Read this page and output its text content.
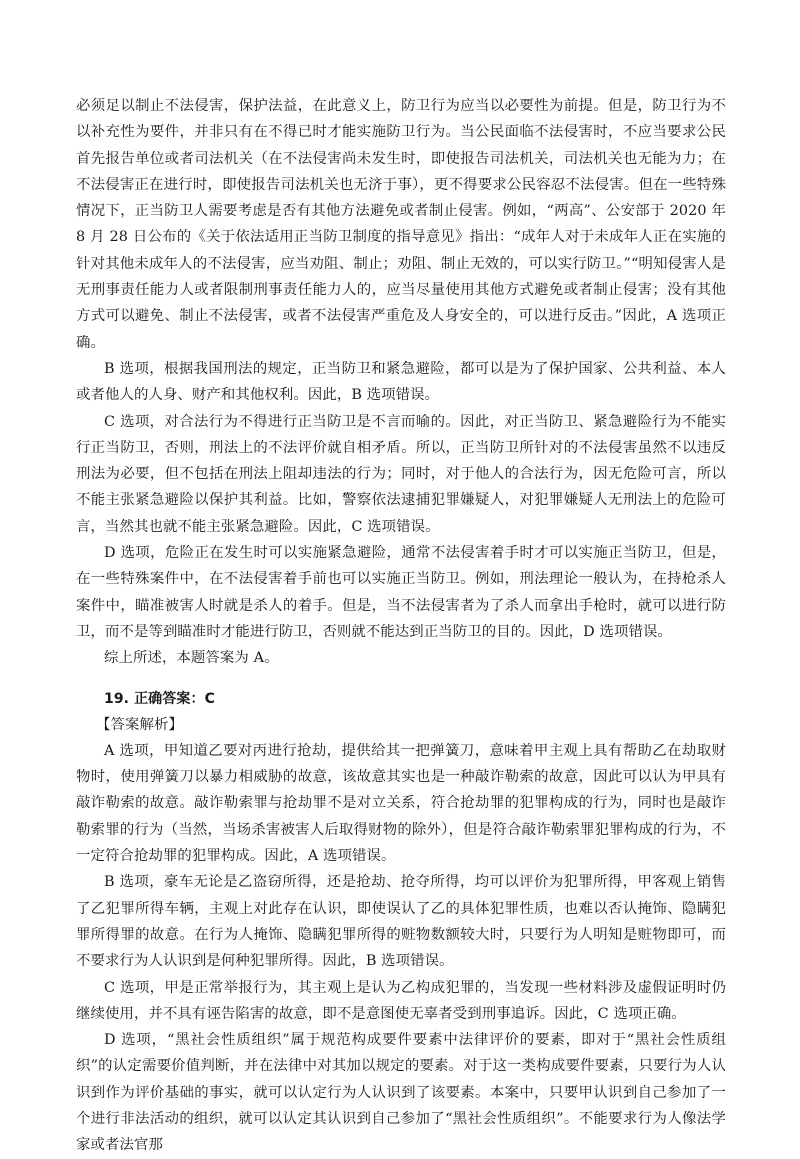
必须足以制止不法侵害，保护法益，在此意义上，防卫行为应当以必要性为前提。但是，防卫行为不以补充性为要件，并非只有在不得已时才能实施防卫行为。当公民面临不法侵害时，不应当要求公民首先报告单位或者司法机关（在不法侵害尚未发生时，即使报告司法机关，司法机关也无能为力；在不法侵害正在进行时，即使报告司法机关也无济于事），更不得要求公民容忍不法侵害。但在一些特殊情况下，正当防卫人需要考虑是否有其他方法避免或者制止侵害。例如，“两高”、公安部于 2020 年 8 月 28 日公布的《关于依法适用正当防卫制度的指导意见》指出：“成年人对于未成年人正在实施的针对其他未成年人的不法侵害，应当劝阻、制止；劝阻、制止无效的，可以实行防卫。”“明知侵害人是无刑事责任能力人或者限制刑事责任能力人的，应当尽量使用其他方式避免或者制止侵害；没有其他方式可以避免、制止不法侵害，或者不法侵害严重危及人身安全的，可以进行反击。”因此，A 选项正确。

B 选项，根据我国刑法的规定，正当防卫和紧急避险，都可以是为了保护国家、公共利益、本人或者他人的人身、财产和其他权利。因此，B 选项错误。

C 选项，对合法行为不得进行正当防卫是不言而喻的。因此，对正当防卫、紧急避险行为不能实行正当防卫，否则，刑法上的不法评价就自相矛盾。所以，正当防卫所针对的不法侵害虽然不以违反刑法为必要，但不包括在刑法上阻却违法的行为；同时，对于他人的合法行为，因无危险可言，所以不能主张紧急避险以保护其利益。比如，警察依法逮捕犯罪嫌疑人，对犯罪嫌疑人无刑法上的危险可言，当然其也就不能主张紧急避险。因此，C 选项错误。

D 选项，危险正在发生时可以实施紧急避险，通常不法侵害着手时才可以实施正当防卫，但是，在一些特殊案件中，在不法侵害着手前也可以实施正当防卫。例如，刑法理论一般认为，在持枪杀人案件中，瞄准被害人时就是杀人的着手。但是，当不法侵害者为了杀人而拿出手枪时，就可以进行防卫，而不是等到瞄准时才能进行防卫，否则就不能达到正当防卫的目的。因此，D 选项错误。

综上所述，本题答案为 A。

19. 正确答案：C

【答案解析】

A 选项，甲知道乙要对丙进行抢劫，提供给其一把弹簧刀，意味着甲主观上具有帮助乙在劫取财物时，使用弹簧刀以暴力相威胁的故意，该故意其实也是一种敲诈勒索的故意，因此可以认为甲具有敲诈勒索的故意。敲诈勒索罪与抢劫罪不是对立关系，符合抢劫罪的犯罪构成的行为，同时也是敲诈勒索罪的行为（当然，当场杀害被害人后取得财物的除外），但是符合敲诈勒索罪犯罪构成的行为，不一定符合抢劫罪的犯罪构成。因此，A 选项错误。

B 选项，豪车无论是乙盗窃所得，还是抢劫、抢夺所得，均可以评价为犯罪所得，甲客观上销售了乙犯罪所得车辆，主观上对此存在认识，即使误认了乙的具体犯罪性质，也难以否认掩饰、隐瞒犯罪所得罪的故意。在行为人掩饰、隐瞒犯罪所得的赃物数额较大时，只要行为人明知是赃物即可，而不要求行为人认识到是何种犯罪所得。因此，B 选项错误。

C 选项，甲是正常举报行为，其主观上是认为乙构成犯罪的，当发现一些材料涉及虚假证明时仍继续使用，并不具有诬告陷害的故意，即不是意图使无辜者受到刑事追诉。因此，C 选项正确。

D 选项，“黑社会性质组织”属于规范构成要件要素中法律评价的要素，即对于“黑社会性质组织”的认定需要价值判断，并在法律中对其加以规定的要素。对于这一类构成要件要素，只要行为人认识到作为评价基础的事实，就可以认定行为人认识到了该要素。本案中，只要甲认识到自己参加了一个进行非法活动的组织，就可以认定其认识到自己参加了“黑社会性质组织”。不能要求行为人像法学家或者法官那
